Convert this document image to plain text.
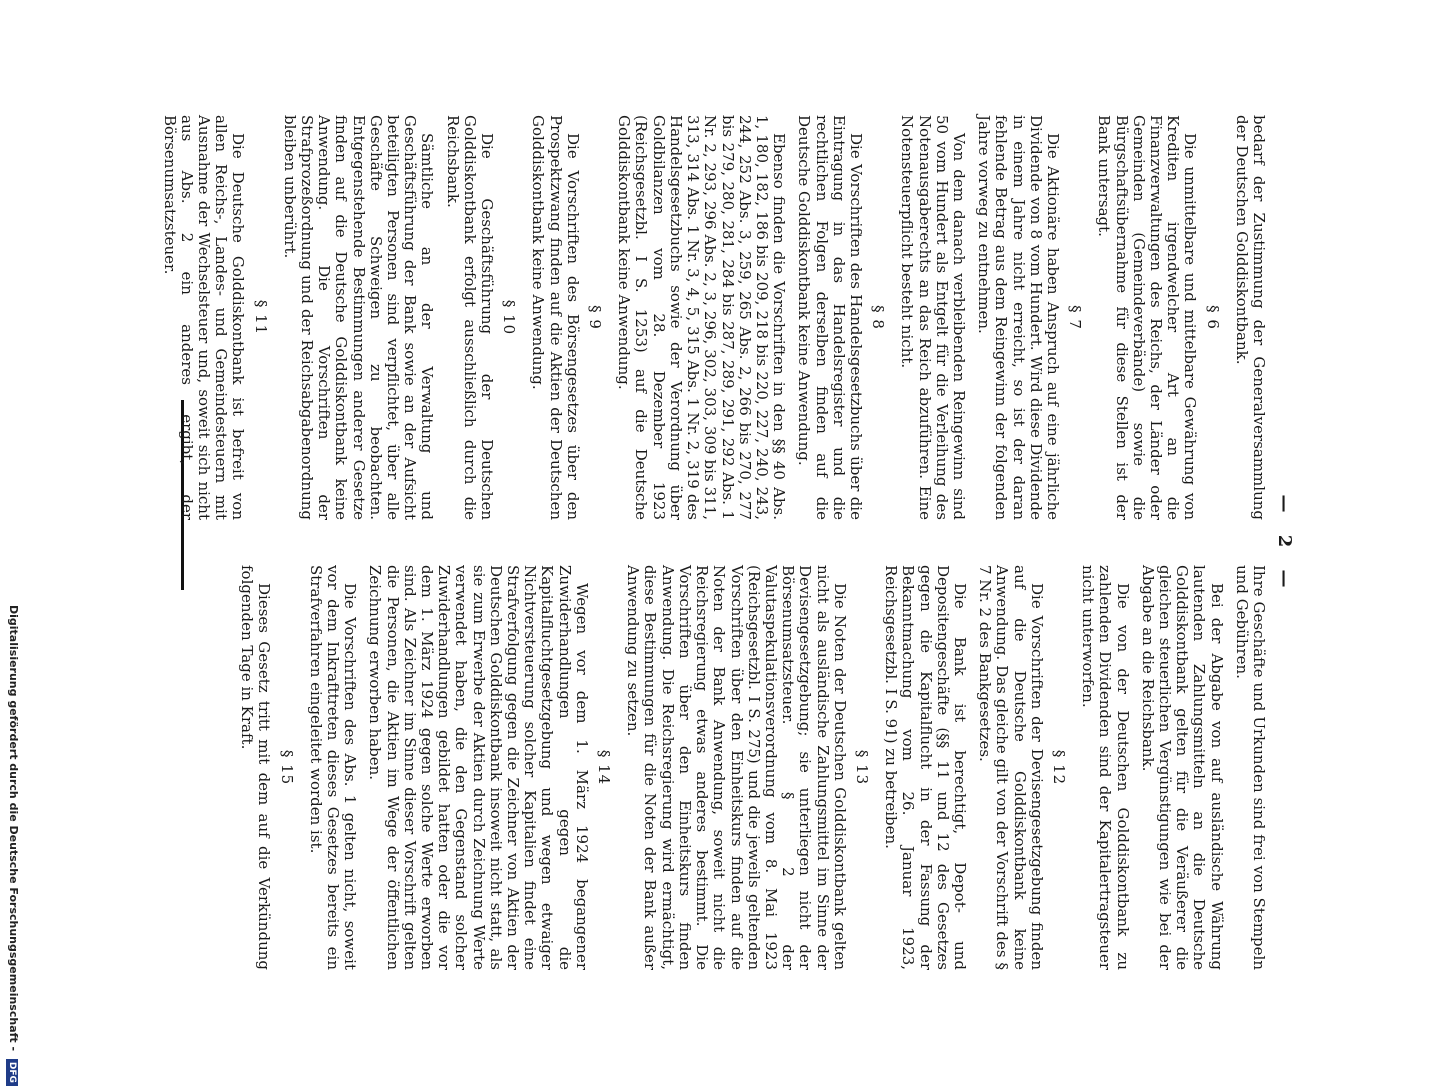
Digitalisierung gefördert durch die Deutsche Forschungsgemeinschaft - DFG
— 2 —

bedarf der Zustimmung der Generalversammlung der Deutschen Golddiskontbank.

§ 6

Die unmittelbare und mittelbare Gewährung von Krediten irgendwelcher Art an die Finanzverwaltungen des Reichs, der Länder oder Gemeinden (Gemeindeverbände) sowie die Bürgschaftsübernahme für diese Stellen ist der Bank untersagt.

§ 7

Die Aktionäre haben Anspruch auf eine jährliche Dividende von 8 vom Hundert. Wird diese Dividende in einem Jahre nicht erreicht, so ist der daran fehlende Betrag aus dem Reingewinn der folgenden Jahre vorweg zu entnehmen.

Von dem danach verbleibenden Reingewinn sind 50 vom Hundert als Entgelt für die Verleihung des Notenausgaberechts an das Reich abzuführen. Eine Notensteuerpflicht besteht nicht.

§ 8

Die Vorschriften des Handelsgesetzbuchs über die Eintragung in das Handelsregister und die rechtlichen Folgen derselben finden auf die Deutsche Golddiskontbank keine Anwendung.

Ebenso finden die Vorschriften in den §§ 40 Abs. 1, 180, 182, 186 bis 209, 218 bis 220, 227, 240, 243, 244, 252 Abs. 3, 259, 265 Abs. 2, 266 bis 270, 277 bis 279, 280, 281, 284 bis 287, 289, 291, 292 Abs. 1 Nr. 2, 293, 296 Abs. 2, 3, 296, 302, 303, 309 bis 311, 313, 314 Abs. 1 Nr. 3, 4, 5, 315 Abs. 1 Nr. 2, 319 des Handelsgesetzbuchs sowie der Verordnung über Goldbilanzen vom 28. Dezember 1923 (Reichsgesetzbl. I S. 1253) auf die Deutsche Golddiskontbank keine Anwendung.

§ 9

Die Vorschriften des Börsengesetzes über den Prospektzwang finden auf die Aktien der Deutschen Golddiskontbank keine Anwendung.

§ 10

Die Geschäftsführung der Deutschen Golddiskontbank erfolgt ausschließlich durch die Reichsbank.

Sämtliche an der Verwaltung und Geschäftsführung der Bank sowie an der Aufsicht beteiligten Personen sind verpflichtet, über alle Geschäfte Schweigen zu beobachten. Entgegenstehende Bestimmungen anderer Gesetze finden auf die Deutsche Golddiskontbank keine Anwendung. Die Vorschriften der Strafprozeßordnung und der Reichsabgabenordnung bleiben unberührt.

§ 11

Die Deutsche Golddiskontbank ist befreit von allen Reichs-, Landes- und Gemeindesteuern mit Ausnahme der Wechselsteuer und, soweit sich nicht aus Abs. 2 ein anderes ergibt, der Börsenumsatzsteuer.

Ihre Geschäfte und Urkunden sind frei von Stempeln und Gebühren.

Bei der Abgabe von auf ausländische Währung lautenden Zahlungsmitteln an die Deutsche Golddiskontbank gelten für die Veräußerer die gleichen steuerlichen Vergünstigungen wie bei der Abgabe an die Reichsbank.

Die von der Deutschen Golddiskontbank zu zahlenden Dividenden sind der Kapitalertragsteuer nicht unterworfen.

§ 12

Die Vorschriften der Devisengesetzgebung finden auf die Deutsche Golddiskontbank keine Anwendung. Das gleiche gilt von der Vorschrift des § 7 Nr. 2 des Bankgesetzes.

Die Bank ist berechtigt, Depot- und Depositengeschäfte (§§ 11 und 12 des Gesetzes gegen die Kapitalflucht in der Fassung der Bekanntmachung vom 26. Januar 1923, Reichsgesetzbl. I S. 91) zu betreiben.

§ 13

Die Noten der Deutschen Golddiskontbank gelten nicht als ausländische Zahlungsmittel im Sinne der Devisengesetzgebung; sie unterliegen nicht der Börsenumsatzsteuer. § 2 der Valutaspekulationsverordnung vom 8. Mai 1923 (Reichsgesetzbl. I S. 275) und die jeweils geltenden Vorschriften über den Einheitskurs finden auf die Noten der Bank Anwendung, soweit nicht die Reichsregierung etwas anderes bestimmt. Die Vorschriften über den Einheitskurs finden Anwendung. Die Reichsregierung wird ermächtigt, diese Bestimmungen für die Noten der Bank außer Anwendung zu setzen.

§ 14

Wegen vor dem 1. März 1924 begangener Zuwiderhandlungen gegen die Kapitalfluchtgesetzgebung und wegen etwaiger Nichtversteuerung solcher Kapitalien findet eine Strafverfolgung gegen die Zeichner von Aktien der Deutschen Golddiskontbank insoweit nicht statt, als sie zum Erwerbe der Aktien durch Zeichnung Werte verwendet haben, die den Gegenstand solcher Zuwiderhandlungen gebildet hatten oder die vor dem 1. März 1924 gegen solche Werte erworben sind. Als Zeichner im Sinne dieser Vorschrift gelten die Personen, die Aktien im Wege der öffentlichen Zeichnung erworben haben.

Die Vorschriften des Abs. 1 gelten nicht, soweit vor dem Inkrafttreten dieses Gesetzes bereits ein Strafverfahren eingeleitet worden ist.

§ 15

Dieses Gesetz tritt mit dem auf die Verkündung folgenden Tage in Kraft.
